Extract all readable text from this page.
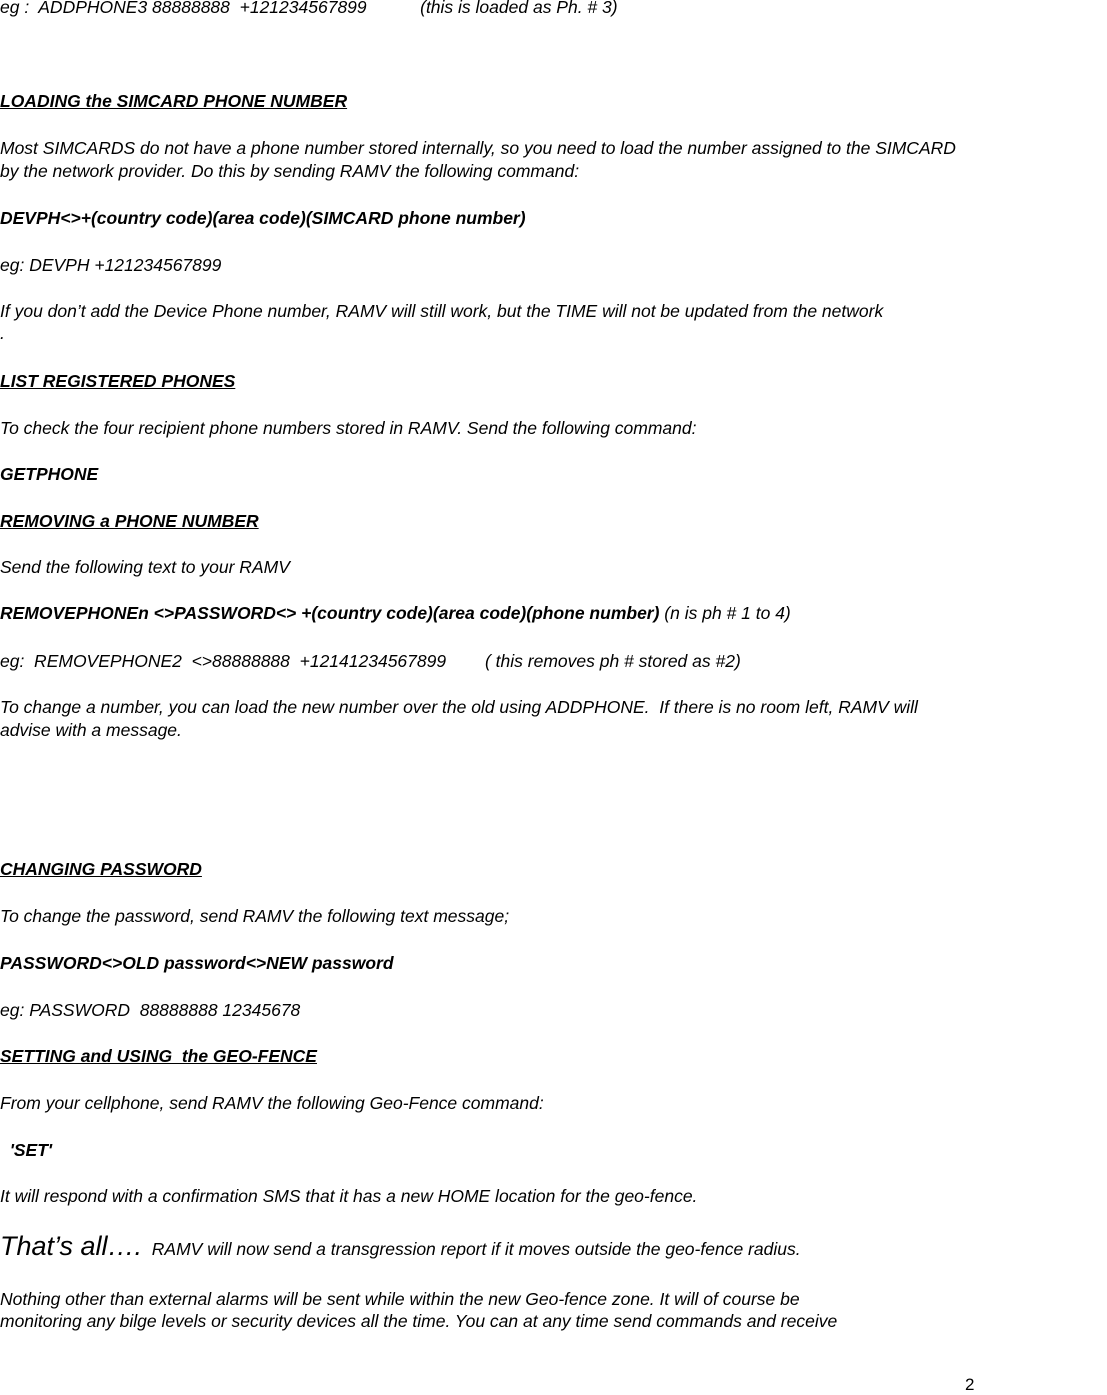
eg :  ADDPHONE3 88888888  +121234567899           (this is loaded as Ph. # 3)
LOADING the SIMCARD PHONE NUMBER
Most SIMCARDS do not have a phone number stored internally, so you need to load the number assigned to the SIMCARD
by the network provider. Do this by sending RAMV the following command:
DEVPH<>+(country code)(area code)(SIMCARD phone number)
eg: DEVPH +121234567899
If you don’t add the Device Phone number, RAMV will still work, but the TIME will not be updated from the network
.
LIST REGISTERED PHONES
To check the four recipient phone numbers stored in RAMV. Send the following command:
GETPHONE
REMOVING a PHONE NUMBER
Send the following text to your RAMV
REMOVEPHONEn <>PASSWORD<> +(country code)(area code)(phone number) (n is ph # 1 to 4)
eg:  REMOVEPHONE2  <>88888888  +12141234567899        ( this removes ph # stored as #2)
To change a number, you can load the new number over the old using ADDPHONE.  If there is no room left, RAMV will
advise with a message.
CHANGING PASSWORD
To change the password, send RAMV the following text message;
PASSWORD<>OLD password<>NEW password
eg: PASSWORD  88888888 12345678
SETTING and USING  the GEO-FENCE
From your cellphone, send RAMV the following Geo-Fence command:
'SET'
It will respond with a confirmation SMS that it has a new HOME location for the geo-fence.
That’s all….  RAMV will now send a transgression report if it moves outside the geo-fence radius.
Nothing other than external alarms will be sent while within the new Geo-fence zone. It will of course be
monitoring any bilge levels or security devices all the time. You can at any time send commands and receive
2
